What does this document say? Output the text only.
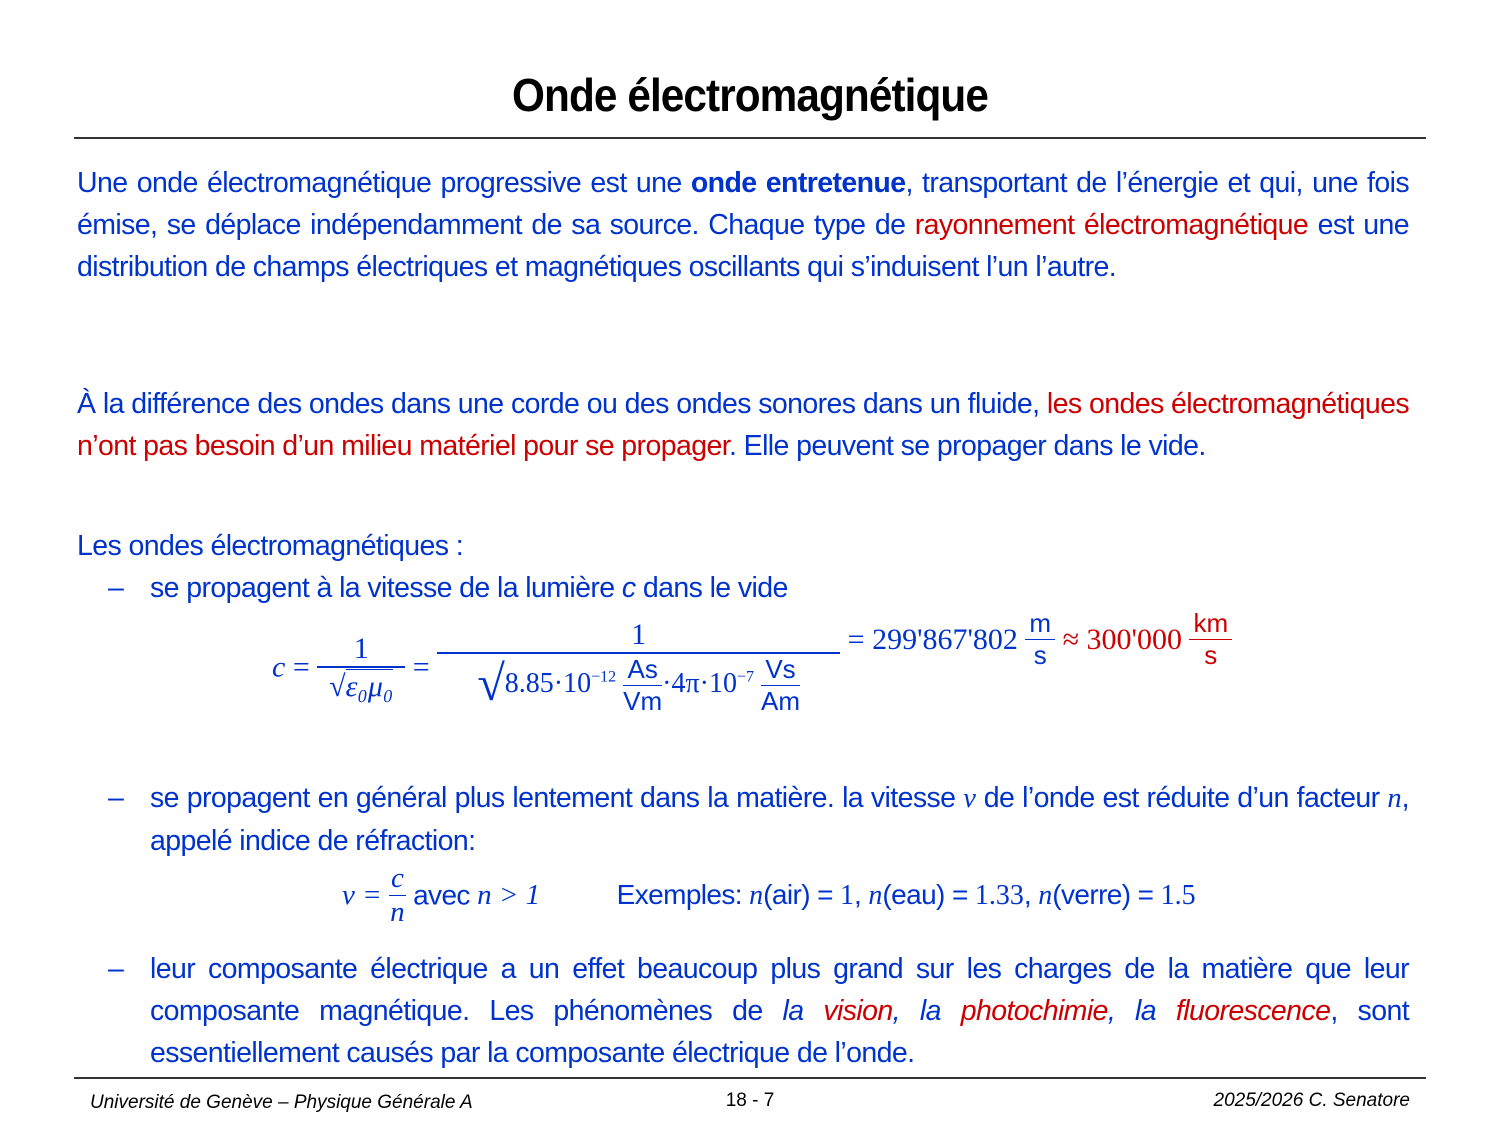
Onde électromagnétique
Une onde électromagnétique progressive est une onde entretenue, transportant de l’énergie et qui, une fois émise, se déplace indépendamment de sa source. Chaque type de rayonnement électromagnétique est une distribution de champs électriques et magnétiques oscillants qui s’induisent l’un l’autre.
À la différence des ondes dans une corde ou des ondes sonores dans un fluide, les ondes électromagnétiques n’ont pas besoin d’un milieu matériel pour se propager. Elle peuvent se propager dans le vide.
Les ondes électromagnétiques :
– se propagent à la vitesse de la lumière c dans le vide
$c = \frac{1}{\text{√ε₀μ₀}} = \frac{1}{√8.85\cdot 10^{-12} \frac{As}{Vm} \cdot 4\pi\cdot 10^{-7} \frac{Vs}{Am}} = 299'867'802 \frac{m}{s} \approx 300'000 \frac{km}{s}$
– se propagent en général plus lentement dans la matière. la vitesse v de l’onde est réduite d’un facteur n, appelé indice de réfraction:
$v = \frac{c}{n}$ avec n > 1	Exemples: n(air) = 1, n(eau) = 1.33, n(verre) = 1.5
– leur composante électrique a un effet beaucoup plus grand sur les charges de la matière que leur composante magnétique. Les phénomènes de la vision, la photochimie, la fluorescence, sont essentiellement causés par la composante électrique de l’onde.
Université de Genève – Physique Générale A	18 - 7	2025/2026 C. Senatore
